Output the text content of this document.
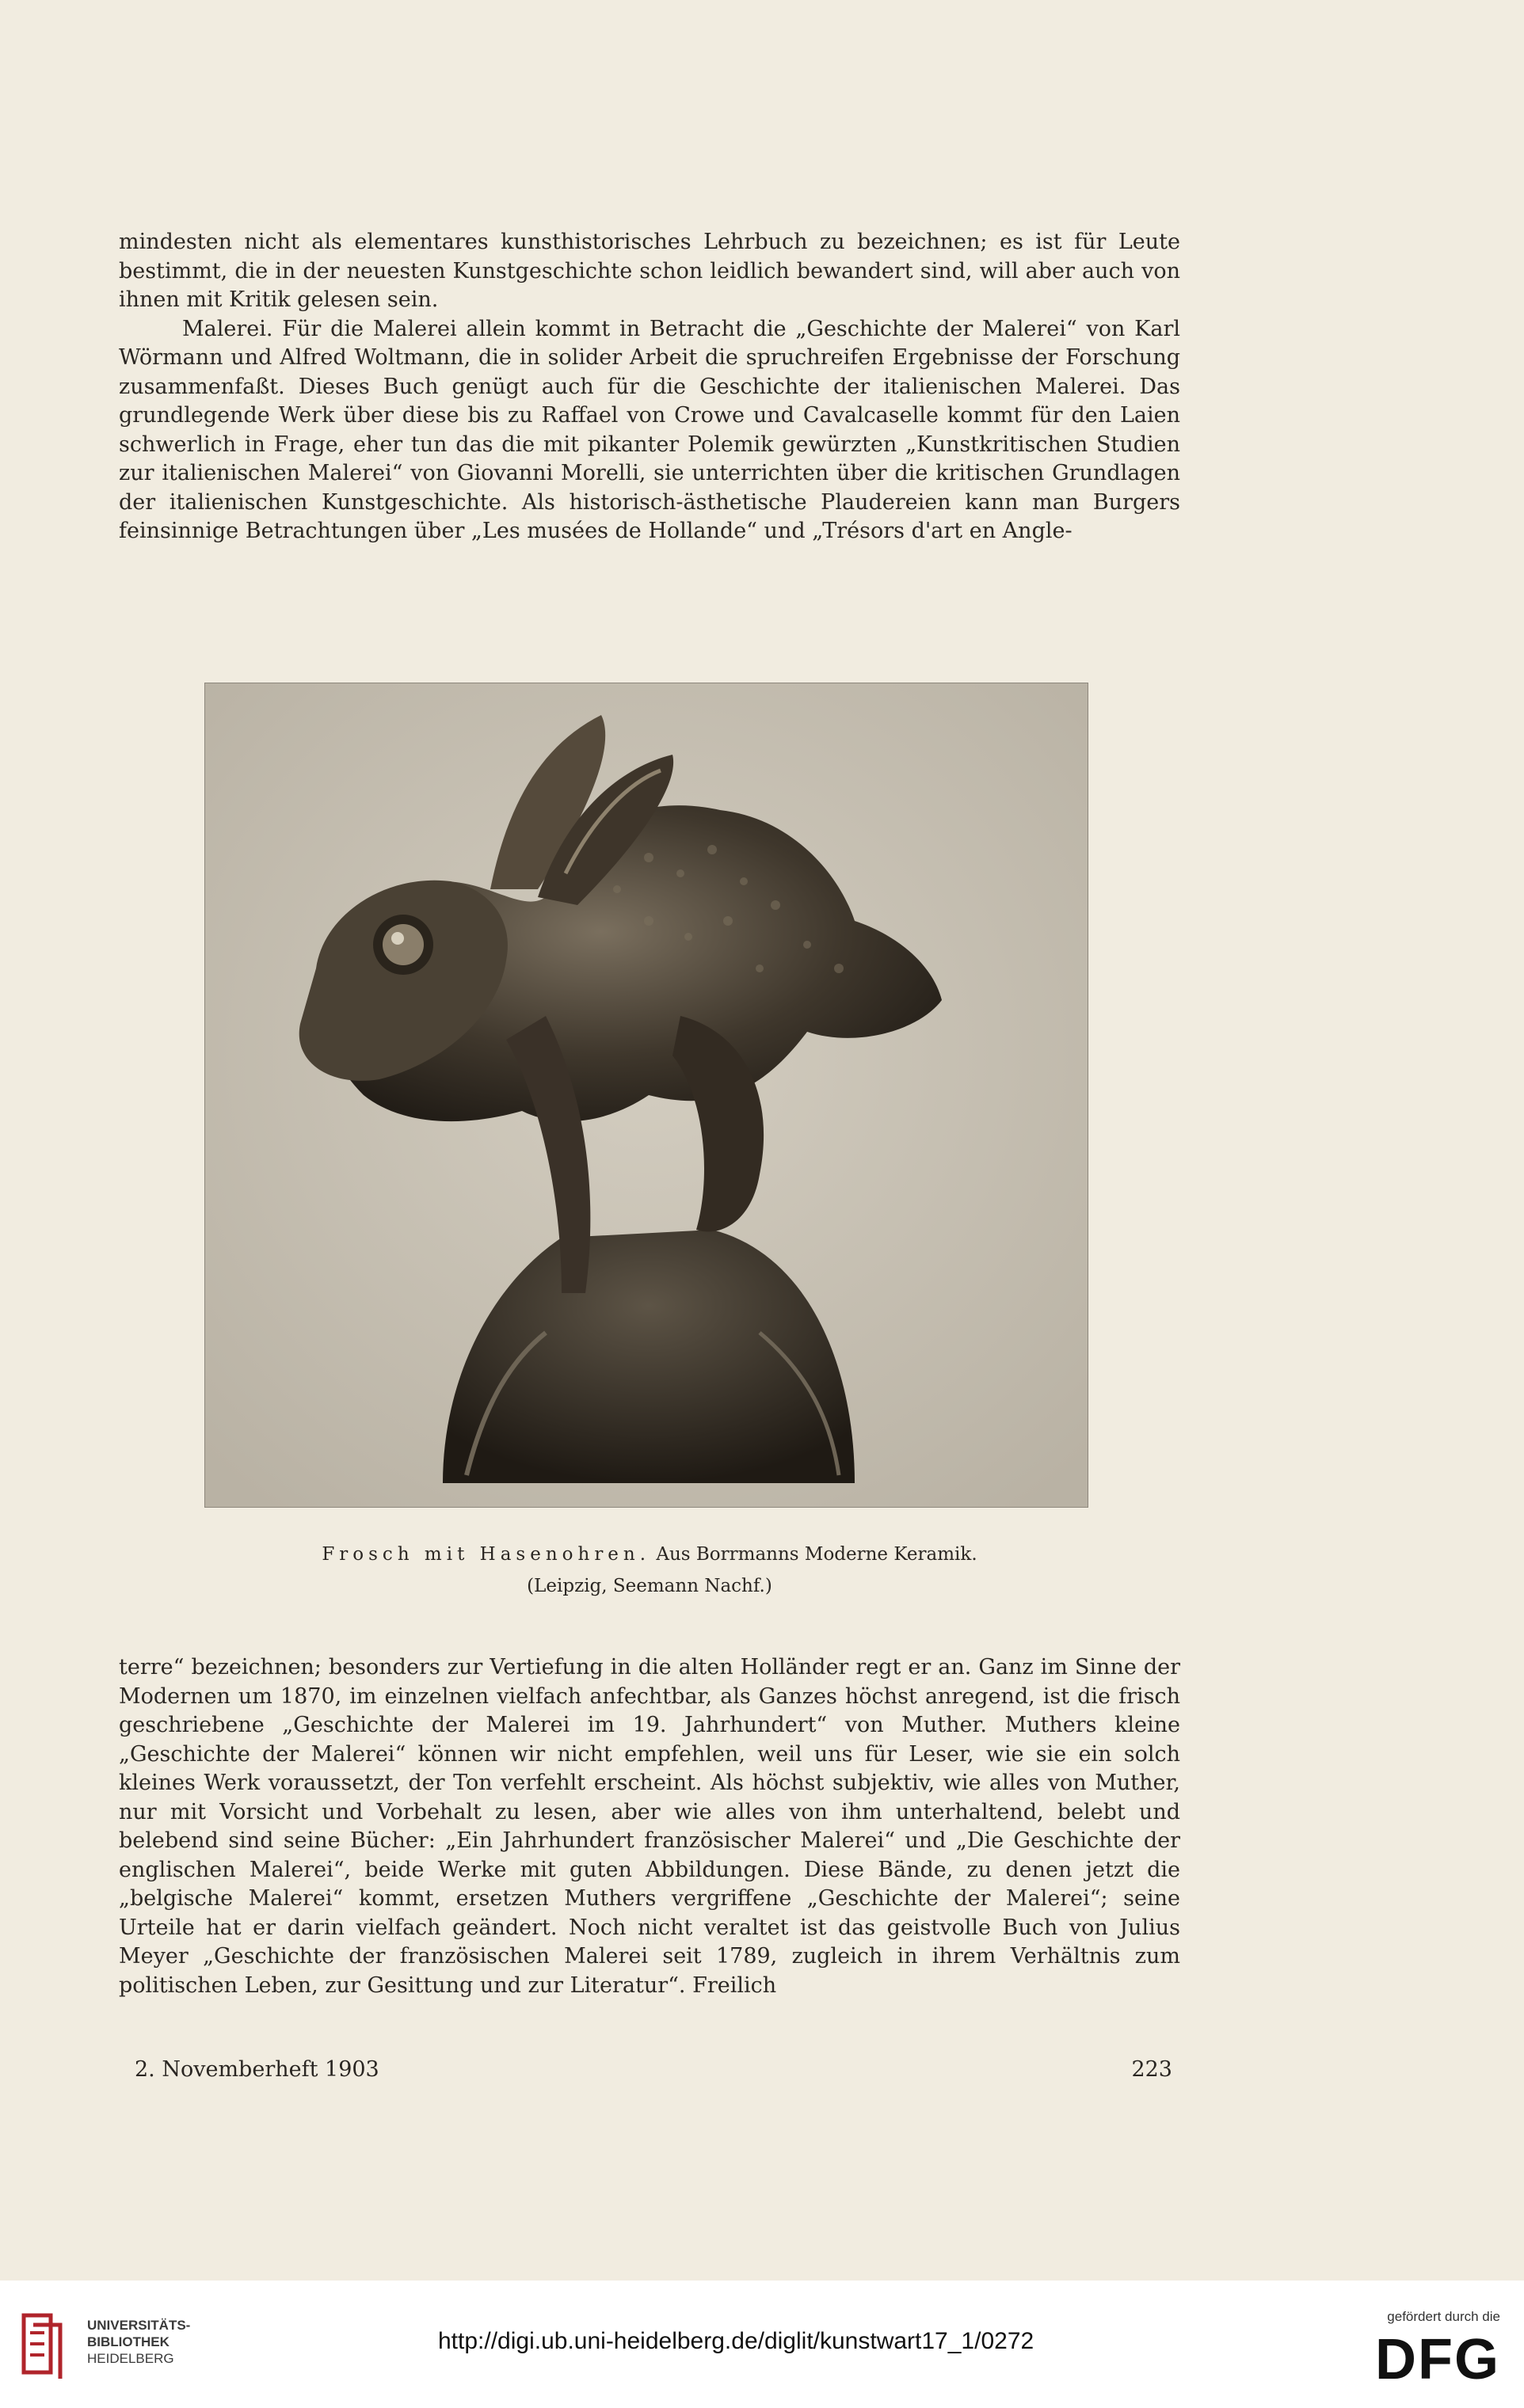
mindesten nicht als elementares kunsthistorisches Lehrbuch zu bezeichnen; es ist für Leute bestimmt, die in der neuesten Kunstgeschichte schon leidlich bewandert sind, will aber auch von ihnen mit Kritik gelesen sein.

Malerei. Für die Malerei allein kommt in Betracht die „Geschichte der Malerei“ von Karl Wörmann und Alfred Woltmann, die in solider Arbeit die spruchreifen Ergebnisse der Forschung zusammenfaßt. Dieses Buch genügt auch für die Geschichte der italienischen Malerei. Das grundlegende Werk über diese bis zu Raffael von Crowe und Cavalcaselle kommt für den Laien schwerlich in Frage, eher tun das die mit pikanter Polemik gewürzten „Kunstkritischen Studien zur italienischen Malerei“ von Giovanni Morelli, sie unterrichten über die kritischen Grundlagen der italienischen Kunstgeschichte. Als historisch-ästhetische Plaudereien kann man Burgers feinsinnige Betrachtungen über „Les musées de Hollande“ und „Trésors d'art en Angle-

Frosch mit Hasenohren. Aus Borrmanns Moderne Keramik.
(Leipzig, Seemann Nachf.)

terre“ bezeichnen; besonders zur Vertiefung in die alten Holländer regt er an. Ganz im Sinne der Modernen um 1870, im einzelnen vielfach anfechtbar, als Ganzes höchst anregend, ist die frisch geschriebene „Geschichte der Malerei im 19. Jahrhundert“ von Muther. Muthers kleine „Geschichte der Malerei“ können wir nicht empfehlen, weil uns für Leser, wie sie ein solch kleines Werk voraussetzt, der Ton verfehlt erscheint. Als höchst subjektiv, wie alles von Muther, nur mit Vorsicht und Vorbehalt zu lesen, aber wie alles von ihm unterhaltend, belebt und belebend sind seine Bücher: „Ein Jahrhundert französischer Malerei“ und „Die Geschichte der englischen Malerei“, beide Werke mit guten Abbildungen. Diese Bände, zu denen jetzt die „belgische Malerei“ kommt, ersetzen Muthers vergriffene „Geschichte der Malerei“; seine Urteile hat er darin vielfach geändert. Noch nicht veraltet ist das geistvolle Buch von Julius Meyer „Geschichte der französischen Malerei seit 1789, zugleich in ihrem Verhältnis zum politischen Leben, zur Gesittung und zur Literatur“. Freilich

2. Novemberheft 1903	223
UNIVERSITÄTS-
BIBLIOTHEK
HEIDELBERG
http://digi.ub.uni-heidelberg.de/diglit/kunstwart17_1/0272
gefördert durch die
DFG
